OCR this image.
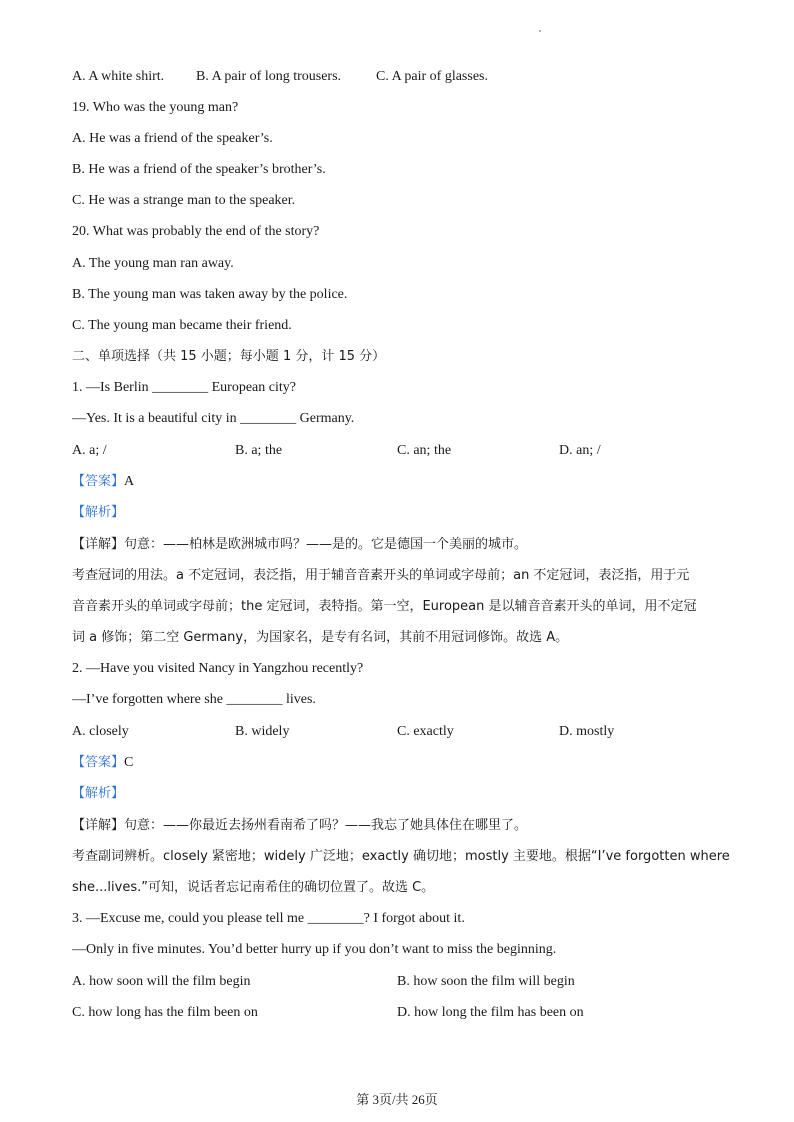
A. A white shirt. B. A pair of long trousers. C. A pair of glasses.
19. Who was the young man?
A. He was a friend of the speaker’s.
B. He was a friend of the speaker’s brother’s.
C. He was a strange man to the speaker.
20. What was probably the end of the story?
A. The young man ran away.
B. The young man was taken away by the police.
C. The young man became their friend.
二、单项选择（共 15 小题；每小题 1 分，计 15 分）
1. —Is Berlin ________ European city?
—Yes. It is a beautiful city in ________ Germany.
A. a; /	B. a; the	C. an; the	D. an; /
【答案】A
【解析】
【详解】句意：——柏林是欧洲城市吗？——是的。它是德国一个美丽的城市。
考查冠词的用法。a 不定冠词，表泛指，用于辅音音素开头的单词或字母前；an 不定冠词，表泛指，用于元
音音素开头的单词或字母前；the 定冠词，表特指。第一空，European 是以辅音音素开头的单词，用不定冠
词 a 修饰；第二空 Germany，为国家名，是专有名词，其前不用冠词修饰。故选 A。
2. —Have you visited Nancy in Yangzhou recently?
—I’ve forgotten where she ________ lives.
A. closely	B. widely	C. exactly	D. mostly
【答案】C
【解析】
【详解】句意：——你最近去扬州看南希了吗？——我忘了她具体住在哪里了。
考查副词辨析。closely 紧密地；widely 广泛地；exactly 确切地；mostly 主要地。根据“I’ve forgotten where
she...lives.”可知，说话者忘记南希住的确切位置了。故选 C。
3. —Excuse me, could you please tell me ________? I forgot about it.
—Only in five minutes. You’d better hurry up if you don’t want to miss the beginning.
A. how soon will the film begin	B. how soon the film will begin
C. how long has the film been on	D. how long the film has been on
第 3页/共 26页
